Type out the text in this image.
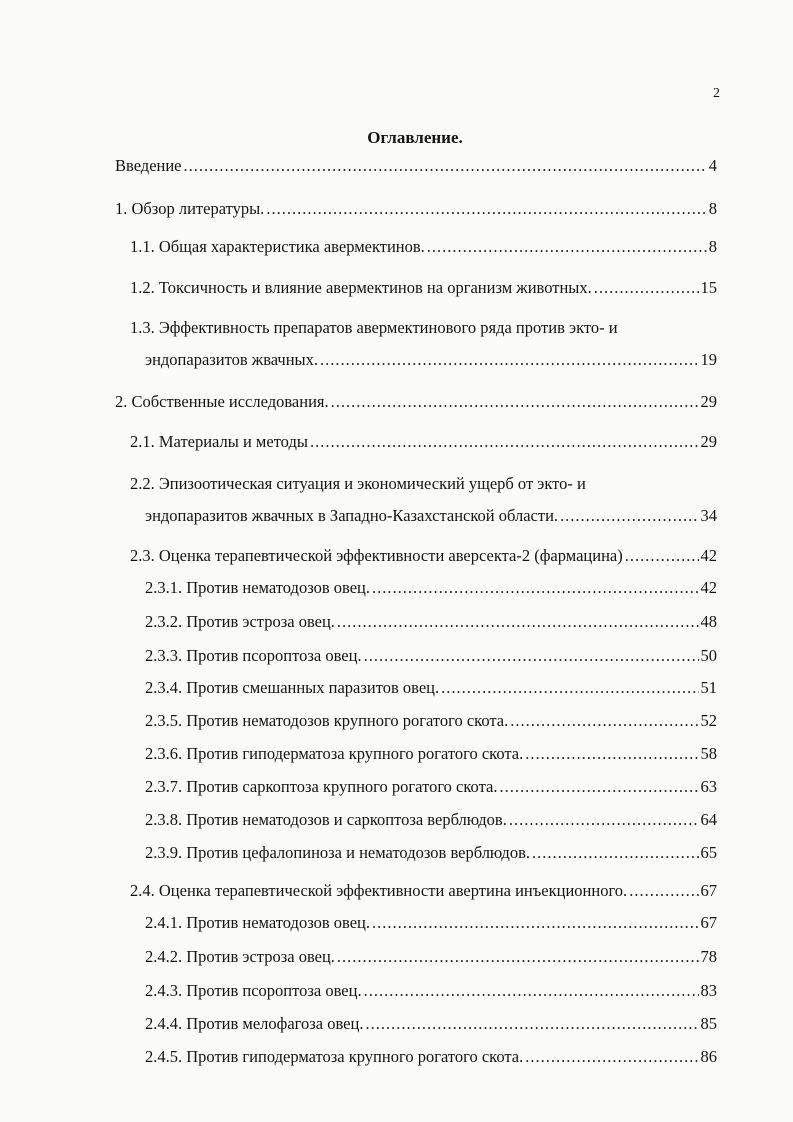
2
Оглавление.
Введение .....	4
1. Обзор литературы. .....	8
1.1. Общая характеристика авермектинов. .....	8
1.2. Токсичность и влияние авермектинов на организм животных. .....	15
1.3. Эффективность препаратов авермектинового ряда против экто- и
эндопаразитов жвачных. .....	19
2. Собственные исследования. .....	29
2.1. Материалы и методы .....	29
2.2. Эпизоотическая ситуация и экономический ущерб от экто- и
эндопаразитов жвачных в Западно-Казахстанской области. .....	34
2.3. Оценка терапевтической эффективности аверсекта-2 (фармацина) .....	42
2.3.1. Против нематодозов овец. .....	42
2.3.2. Против эстроза овец. .....	48
2.3.3. Против псороптоза овец. .....	50
2.3.4. Против смешанных паразитов овец. .....	51
2.3.5. Против нематодозов крупного рогатого скота. .....	52
2.3.6. Против гиподерматоза крупного рогатого скота. .....	58
2.3.7. Против саркоптоза крупного рогатого скота. .....	63
2.3.8. Против нематодозов и саркоптоза верблюдов. .....	64
2.3.9. Против цефалопиноза и нематодозов верблюдов. .....	65
2.4. Оценка терапевтической эффективности авертина инъекционного. .....	67
2.4.1. Против нематодозов овец. .....	67
2.4.2. Против эстроза овец. .....	78
2.4.3. Против псороптоза овец. .....	83
2.4.4. Против мелофагоза овец. .....	85
2.4.5. Против гиподерматоза крупного рогатого скота. .....	86
